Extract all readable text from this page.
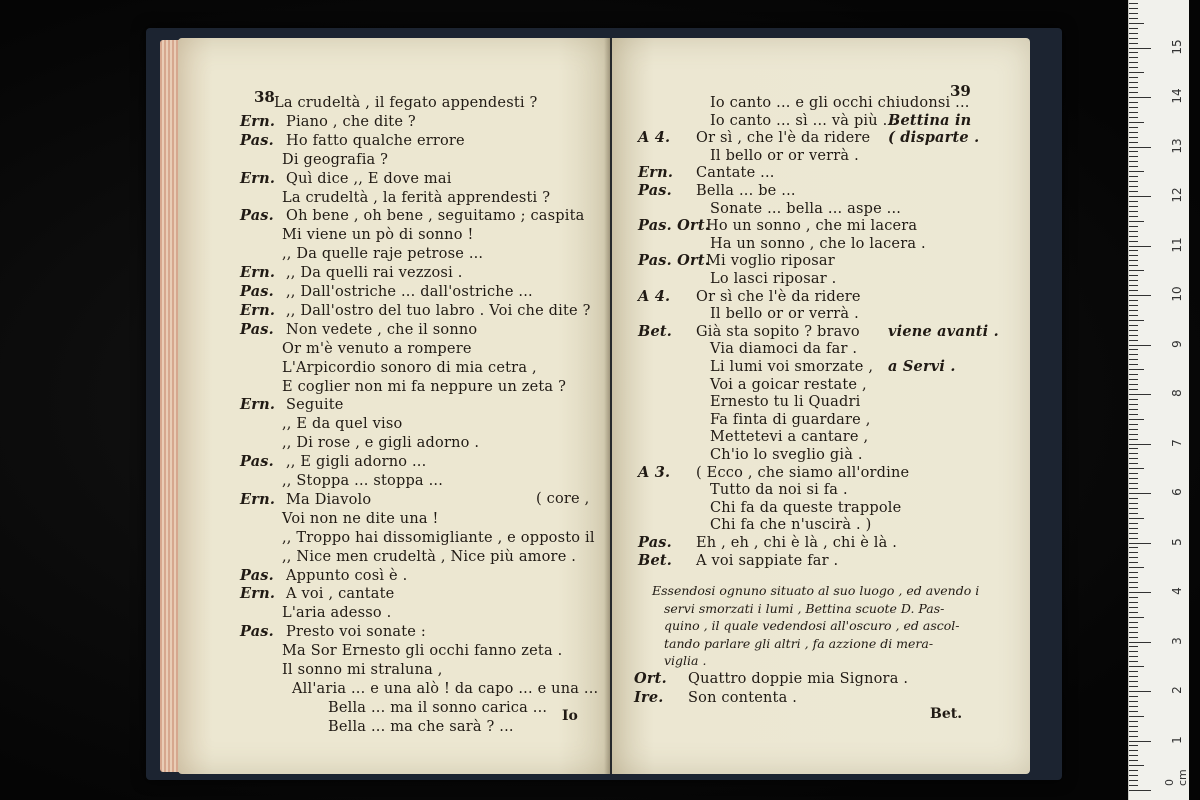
38 La crudeltà , il fegato appendesti ?
Ern. Piano , che dite ?
Pas. Ho fatto qualche errore
Di geografia ?
Ern. Quì dice ,, E dove mai
La crudeltà , la ferità apprendesti ?
Pas. Oh bene , oh bene , seguitamo ; caspita
Mi viene un pò di sonno !
,, Da quelle raje petrose ...
Ern. ,, Da quelli rai vezzosi .
Pas. ,, Dall'ostriche ... dall'ostriche ...
Ern. ,, Dall'ostro del tuo labro . Voi che dite ?
Pas. Non vedete , che il sonno
Or m'è venuto a rompere
L'Arpicordio sonoro di mia cetra ,
E coglier non mi fa neppure un zeta ?
Ern. Seguite
,, E da quel viso
,, Di rose , e gigli adorno .
Pas. ,, E gigli adorno ...
,, Stoppa ... stoppa ...
Ern. Ma Diavolo
Voi non ne dite una !
,, Troppo hai dissomigliante , e opposto il
,, Nice men crudeltà , Nice più amore .
Pas. Appunto così è .
Ern. A voi , cantate
L'aria adesso .
Pas. Presto voi sonate :
Ma Sor Ernesto gli occhi fanno zeta .
Il sonno mi straluna ,
All'aria ... e una alò ! da capo ... e una ...
Bella ... ma il sonno carica ...
Bella ... ma che sarà ? ...
( core ,
Io
39
Io canto ... e gli occhi chiudonsi ...
Io canto ... sì ... và più ...
Bettina in
A 4. Or sì , che l'è da ridere ( disparte .
Il bello or or verrà .
Ern. Cantate ...
Pas. Bella ... be ...
Sonate ... bella ... aspe ...
Pas. Ort.
Ho un sonno , che mi lacera
Ha un sonno , che lo lacera .
Pas. Ort.
Mi voglio riposar
Lo lasci riposar .
A 4. Or sì che l'è da ridere
Il bello or or verrà .
Bet. Già sta sopito ? bravo viene avanti .
Via diamoci da far .
Li lumi voi smorzate , a Servi .
Voi a goicar restate ,
Ernesto tu li Quadri
Fa finta di guardare ,
Mettetevi a cantare ,
Ch'io lo sveglio già .
A 3. ( Ecco , che siamo all'ordine
Tutto da noi si fa .
Chi fa da queste trappole
Chi fa che n'uscirà . )
Pas. Eh , eh , chi è là , chi è là .
Bet. A voi sappiate far .
Essendosi ognuno situato al suo luogo , ed avendo i
servi smorzati i lumi , Bettina scuote D. Pas-
quino , il quale vedendosi all'oscuro , ed ascol-
tando parlare gli altri , fa azzione di mera-
viglia .
Ort. Quattro doppie mia Signora .
Ire. Son contenta .
Bet.
1
2
3
4
5
6
7
8
9
10
11
12
13
14
15
0 cm
